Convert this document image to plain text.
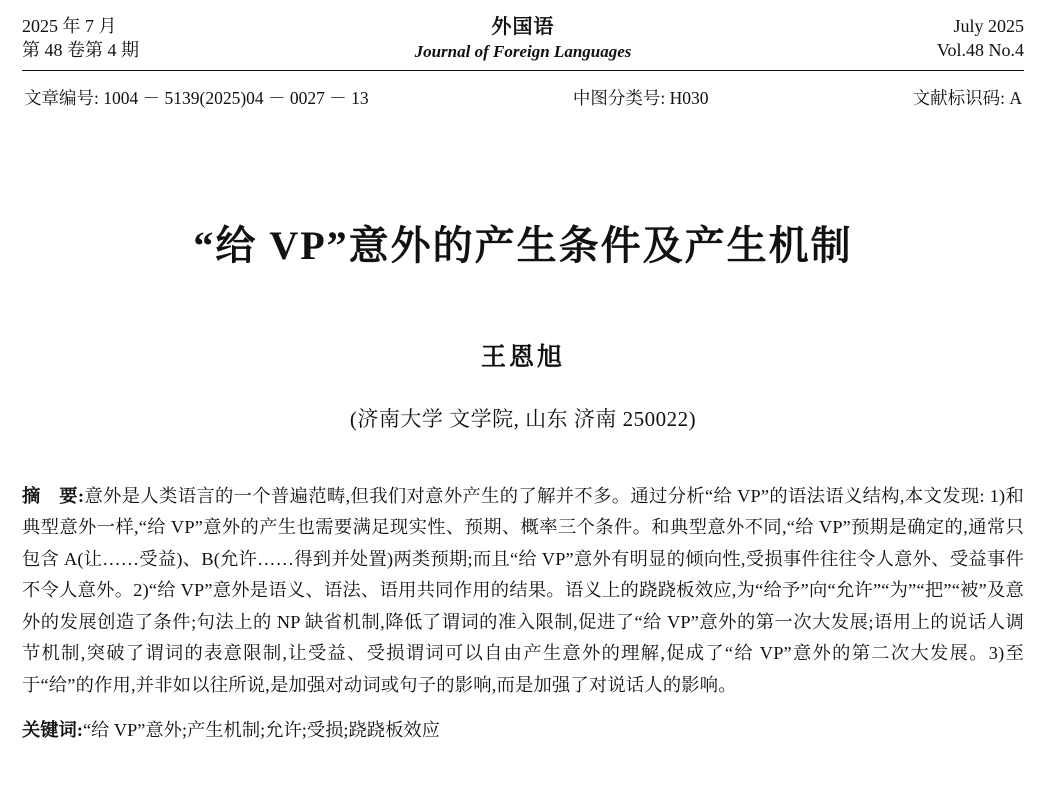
2025 年 7 月
第 48 卷第 4 期
外国语
Journal of Foreign Languages
July 2025
Vol.48 No.4
文章编号: 1004 － 5139(2025)04 － 0027 － 13	中图分类号: H030	文献标识码: A
“给 VP”意外的产生条件及产生机制
王恩旭
(济南大学 文学院, 山东 济南 250022)
摘　要:意外是人类语言的一个普遍范畴,但我们对意外产生的了解并不多。通过分析“给 VP”的语法语义结构,本文发现: 1)和典型意外一样,“给 VP”意外的产生也需要满足现实性、预期、概率三个条件。和典型意外不同,“给 VP”预期是确定的,通常只包含 A(让……受益)、B(允许……得到并处置)两类预期;而且“给 VP”意外有明显的倾向性,受损事件往往令人意外、受益事件不令人意外。2)“给 VP”意外是语义、语法、语用共同作用的结果。语义上的跷跷板效应,为“给予”向“允许”“为”“把”“被”及意外的发展创造了条件;句法上的 NP 缺省机制,降低了谓词的准入限制,促进了“给 VP”意外的第一次大发展;语用上的说话人调节机制,突破了谓词的表意限制,让受益、受损谓词可以自由产生意外的理解,促成了“给 VP”意外的第二次大发展。3)至于“给”的作用,并非如以往所说,是加强对动词或句子的影响,而是加强了对说话人的影响。
关键词:“给 VP”意外;产生机制;允许;受损;跷跷板效应
